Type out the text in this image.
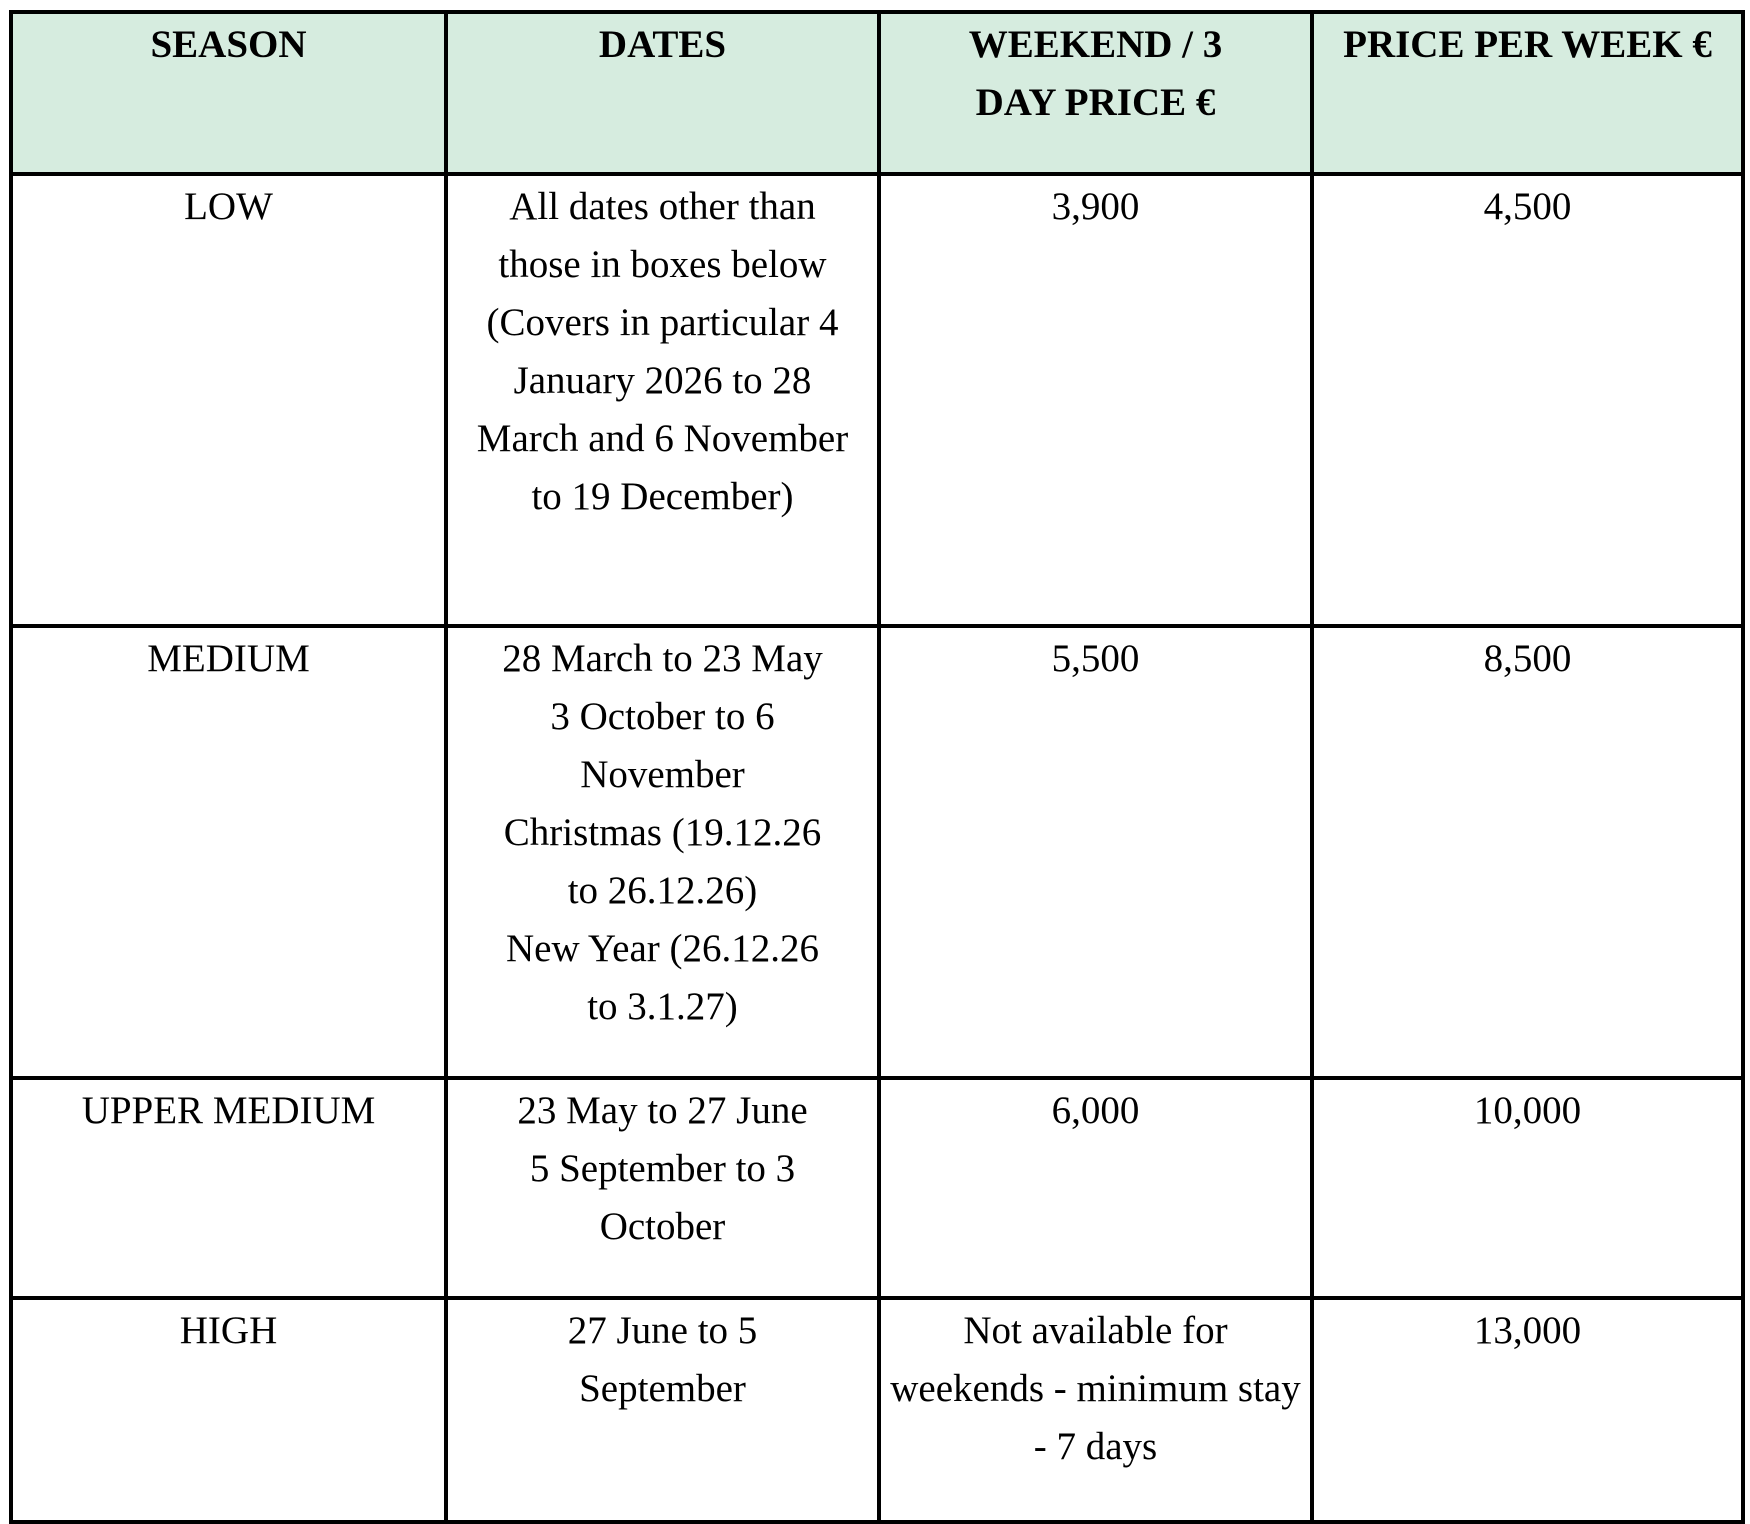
SEASON	DATES	WEEKEND / 3 DAY PRICE €	PRICE PER WEEK €
LOW	All dates other than those in boxes below (Covers in particular 4 January 2026 to 28 March and 6 November to 19 December)	3,900	4,500
MEDIUM	28 March to 23 May
3 October to 6 November
Christmas (19.12.26 to 26.12.26)
New Year (26.12.26 to 3.1.27)	5,500	8,500
UPPER MEDIUM	23 May to 27 June
5 September to 3 October	6,000	10,000
HIGH	27 June to 5 September	Not available for weekends - minimum stay - 7 days	13,000
